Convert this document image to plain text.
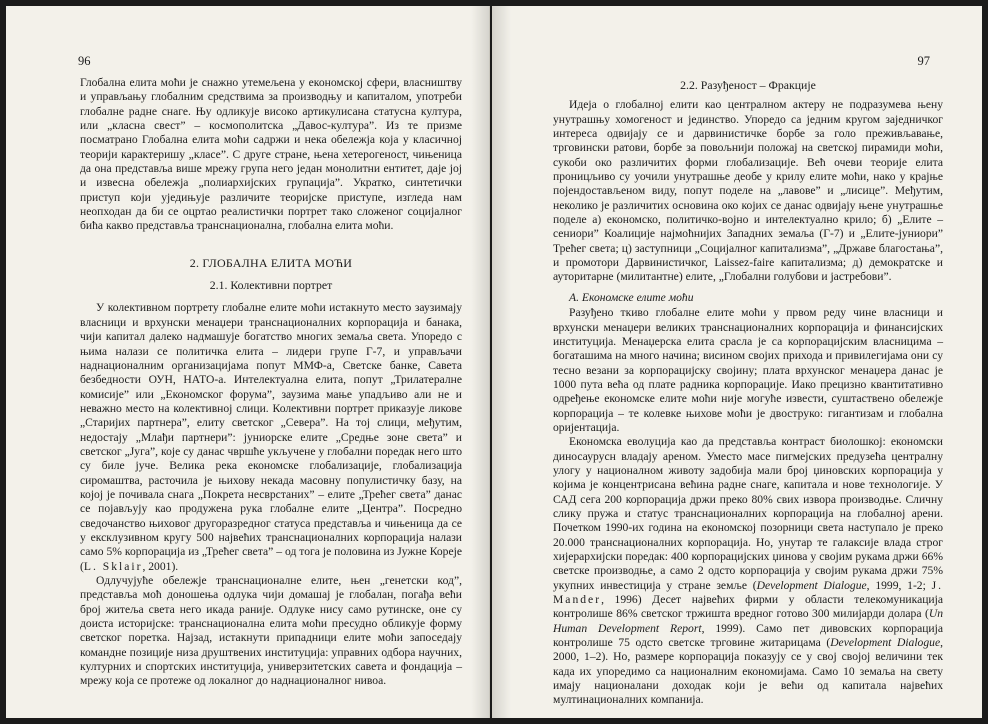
96

Глобална елита моћи је снажно утемељена у економској сфери, власништву и управљању глобалним средствима за производњу и капиталом, употреби глобалне радне снаге. Њу одликује високо артикулисана статусна култура, или „класна свест” – космополитска „Давос-култура”. Из те призме посматрано Глобална елита моћи садржи и нека обележја која у класичној теорији карактеришу „класе”. С друге стране, њена хетерогеност, чињеница да она представља више мрежу група него један монолитни ентитет, даје јој и извесна обележја „полиархијских групација”. Укратко, синтетички приступ који уједињује различите теоријске приступе, изгледа нам неопходан да би се оцртао реалистички портрет тако сложеног социјалног бића какво представља транснационална, глобална елита моћи.

2. ГЛОБАЛНА ЕЛИТА МОЋИ
2.1. Колективни портрет

У колективном портрету глобалне елите моћи истакнуто место заузимају власници и врхунски менаџери транснационалних корпорација и банака, чији капитал далеко надмашује богатство многих земаља света. Упоредо с њима налази се политичка елита – лидери групе Г-7, и управљачи наднационалним организацијама попут ММФ-а, Светске банке, Савета безбедности ОУН, НАТО-а. Интелектуална елита, попут „Трилатералне комисије” или „Економског форума”, заузима мање упадљиво али не и неважно место на колективној слици. Колективни портрет приказује ликове „Старијих партнера”, елиту светског „Севера”. На тој слици, међутим, недостају „Млађи партнери”: јуниорске елите „Средње зоне света” и светског „Југа”, које су данас чвршће укључене у глобални поредак него што су биле јуче. Велика река економске глобализације, глобализација сиромаштва, расточила је њихову некада масовну популистичку базу, на којој је почивала снага „Покрета несврстаних” – елите „Трећег света” данас се појављују као продужена рука глобалне елите „Центра”. Посредно сведочанство њиховог другоразредног статуса представља и чињеница да се у ексклузивном кругу 500 највећих транснационалних корпорација налази само 5% корпорација из „Трећег света” – од тога је половина из Јужне Кореје (L. Sklair, 2001).

Одлучујуће обележје транснационалне елите, њен „генетски код”, представља моћ доношења одлука чији домашај је глобалан, погађа већи број житеља света него икада раније. Одлуке нису само рутинске, оне су доиста историјске: транснационална елита моћи пресудно обликује форму светског поретка. Најзад, истакнути припадници елите моћи запоседају командне позиције низа друштвених институција: управних одбора научних, културних и спортских институција, универзитетских савета и фондација – мрежу која се протеже од локалног до наднационалног нивоа.

97
2.2. Разуђеност – Фракције

Идеја о глобалној елити као централном актеру не подразумева њену унутрашњу хомогеност и јединство. Упоредо са једним кругом заједничког интереса одвијају се и дарвинистичке борбе за голо преживљавање, трговински ратови, борбе за повољнији положај на светској пирамиди моћи, сукоби око различитих форми глобализације. Већ очеви теорије елита проницљиво су уочили унутрашње деобе у крилу елите моћи, нако у крајње појендостављеном виду, попут поделе на „лавове” и „лисице”. Међутим, неколико је различитих основина око којих се данас одвијају њене унутрашње поделе а) економско, политичко-војно и интелектуално крило; б) „Елите – сениори” Коалиције најмоћнијих Западних земаља (Г-7) и „Елите-јуниори” Трећег света; ц) заступници „Социјалног капитализма”, „Државе благостања”, и промотори Дарвинистичког, Laissez-faire капитализма; д) демократске и ауторитарне (милитантне) елите, „Глобални голубови и јастребови”.

А. Економске елите моћи

Разуђено ткиво глобалне елите моћи у првом реду чине власници и врхунски менаџери великих транснационалних корпорација и финансијских институција. Менаџерска елита срасла је са корпорацијским власницима – богаташима на много начина; висином својих прихода и привилегијама они су тесно везани за корпорацијску својину; плата врхунског менаџера данас је 1000 пута већа од плате радника корпорације. Иако прецизно квантитативно одређење економске елите моћи није могуће извести, суштаствено обележје корпорација – те колевке њихове моћи је двоструко: гигантизам и глобална оријентација.

Економска еволуција као да представља контраст биолошкој: економски диносаурусн владају ареном. Уместо масе пигмејских предузећа централну улогу у националном животу задобија мали број џиновских корпорација у којима је концентрисана већина радне снаге, капитала и нове технологије. У САД сега 200 корпорација држи преко 80% свих извора производње. Сличну слику пружа и статус транснационалних корпорација на глобалној арени. Почетком 1990-их година на економској позорници света наступало је преко 20.000 транснационалних корпорација. Но, унутар те галаксије влада строг хијерархијски поредак: 400 корпорацијских џинова у својим рукама држи 66% светске производње, а само 2 одсто корпорација у својим рукама држи 75% укупних инвестиција у стране земље (Development Dialogue, 1999, 1-2; J. Mander, 1996) Десет највећих фирми у области телекомуникација контролише 86% светског тржишта вредног готово 300 милијарди долара (Un Human Development Report, 1999). Само пет дивовских корпорација контролише 75 одсто светске трговине житарицама (Development Dialogue, 2000, 1–2). Но, размере корпорација показују се у свој својој величини тек када их упоредимо са националним економијама. Само 10 земаља на свету имају националани доходак који је већи од капитала највећих мултинационалних компанија.
